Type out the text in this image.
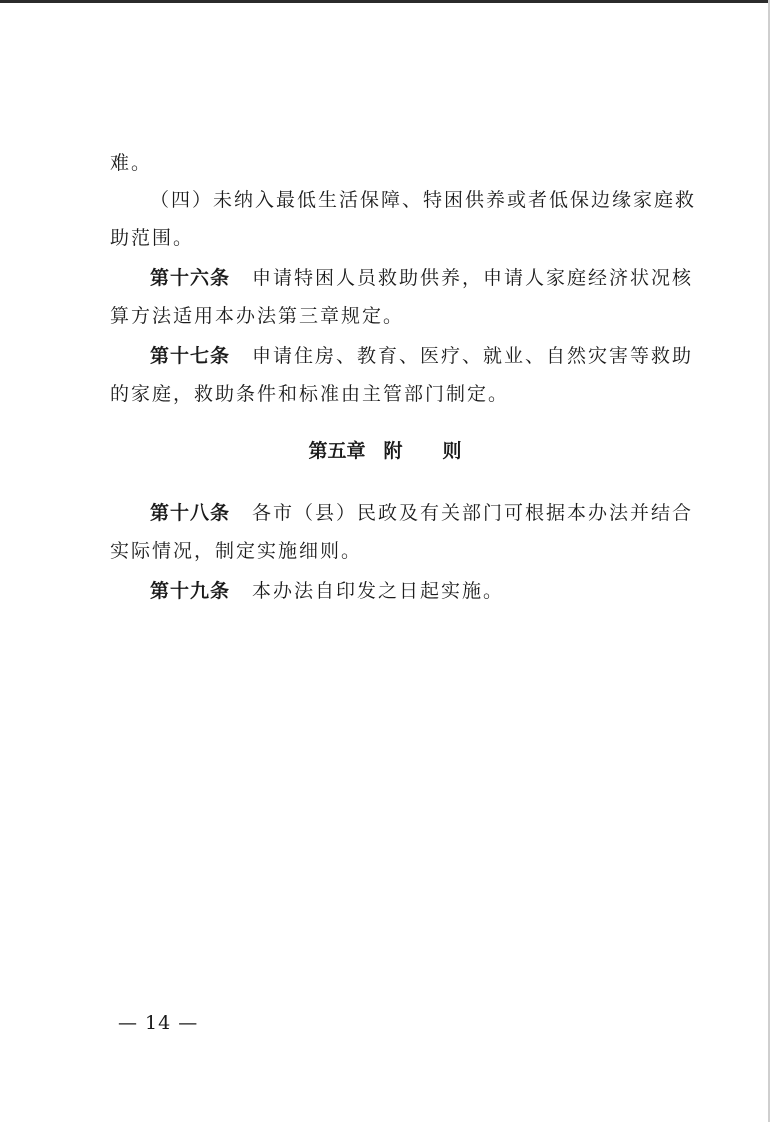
难。
（四）未纳入最低生活保障、特困供养或者低保边缘家庭救
助范围。
第十六条 申请特困人员救助供养，申请人家庭经济状况核
算方法适用本办法第三章规定。
第十七条 申请住房、教育、医疗、就业、自然灾害等救助
的家庭，救助条件和标准由主管部门制定。
第五章 附 则
第十八条 各市（县）民政及有关部门可根据本办法并结合
实际情况，制定实施细则。
第十九条 本办法自印发之日起实施。
— 14 —
